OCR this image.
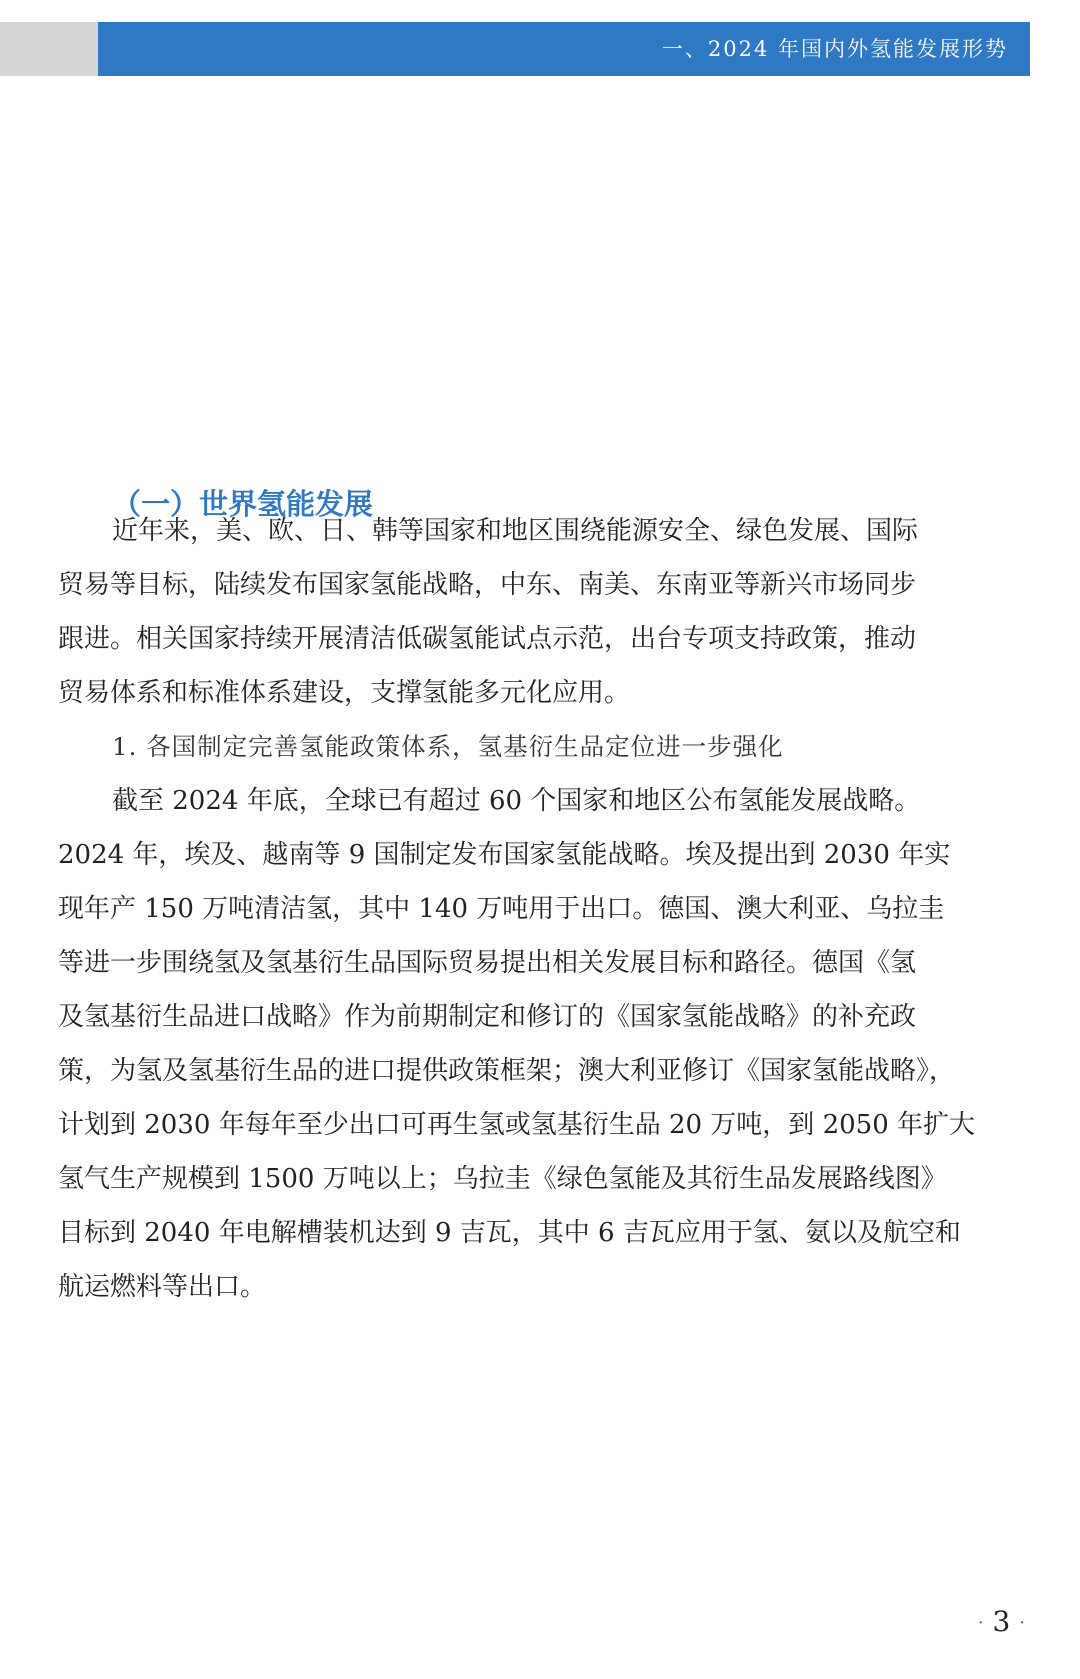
一、2024 年国内外氢能发展形势
（一）世界氢能发展

近年来，美、欧、日、韩等国家和地区围绕能源安全、绿色发展、国际

贸易等目标，陆续发布国家氢能战略，中东、南美、东南亚等新兴市场同步

跟进。相关国家持续开展清洁低碳氢能试点示范，出台专项支持政策，推动

贸易体系和标准体系建设，支撑氢能多元化应用。

1. 各国制定完善氢能政策体系，氢基衍生品定位进一步强化

截至 2024 年底，全球已有超过 60 个国家和地区公布氢能发展战略。

2024 年，埃及、越南等 9 国制定发布国家氢能战略。埃及提出到 2030 年实

现年产 150 万吨清洁氢，其中 140 万吨用于出口。德国、澳大利亚、乌拉圭

等进一步围绕氢及氢基衍生品国际贸易提出相关发展目标和路径。德国《氢

及氢基衍生品进口战略》作为前期制定和修订的《国家氢能战略》的补充政

策，为氢及氢基衍生品的进口提供政策框架；澳大利亚修订《国家氢能战略》，

计划到 2030 年每年至少出口可再生氢或氢基衍生品 20 万吨，到 2050 年扩大

氢气生产规模到 1500 万吨以上；乌拉圭《绿色氢能及其衍生品发展路线图》

目标到 2040 年电解槽装机达到 9 吉瓦，其中 6 吉瓦应用于氢、氨以及航空和

航运燃料等出口。

· 3 ·
